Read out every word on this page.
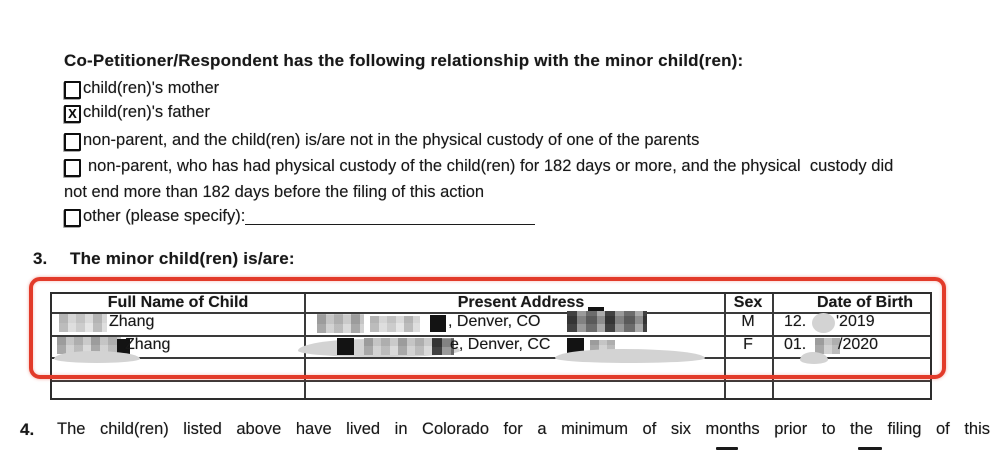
Co-Petitioner/Respondent has the following relationship with the minor child(ren):
child(ren)'s mother
X
child(ren)'s father
non-parent, and the child(ren) is/are not in the physical custody of one of the parents
non-parent, who has had physical custody of the child(ren) for 182 days or more, and the physical  custody did
not end more than 182 days before the filing of this action
other (please specify):
3. The minor child(ren) is/are:
Full Name of Child	Present Address	Sex	Date of Birth
Zhang	, Denver, CO	M	12. '2019
Zhang	e, Denver, CC	F	01. /2020
4. The child(ren) listed above have lived in Colorado for a minimum of six months prior to the filing of this
